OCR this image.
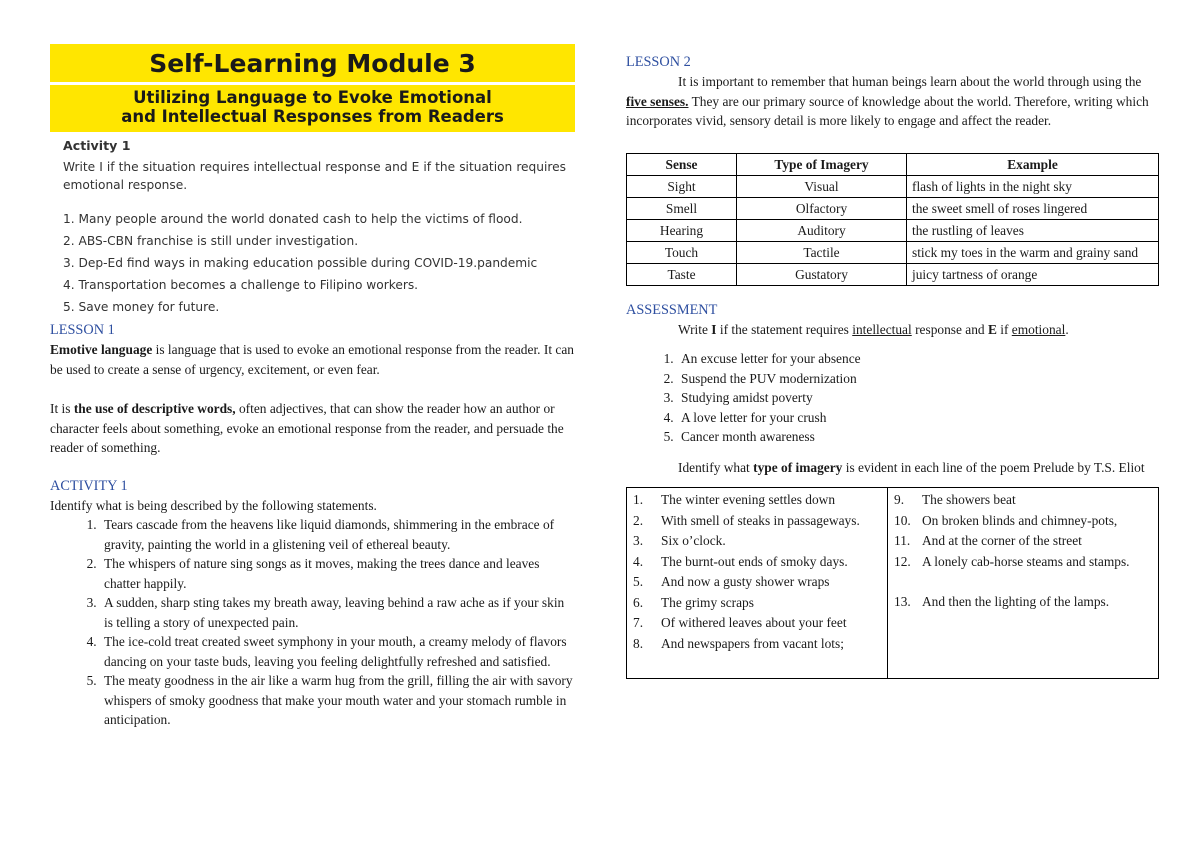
Self-Learning Module 3
Utilizing Language to Evoke Emotional
and Intellectual Responses from Readers
Activity 1
Write I if the situation requires intellectual response and E if the situation requires emotional response.
1. Many people around the world donated cash to help the victims of flood.
2. ABS-CBN franchise is still under investigation.
3. Dep-Ed find ways in making education possible during COVID-19.pandemic
4. Transportation becomes a challenge to Filipino workers.
5. Save money for future.
LESSON 1

Emotive language is language that is used to evoke an emotional response from the reader. It can be used to create a sense of urgency, excitement, or even fear.

It is the use of descriptive words, often adjectives, that can show the reader how an author or character feels about something, evoke an emotional response from the reader, and persuade the reader of something.

ACTIVITY 1

Identify what is being described by the following statements.

1. Tears cascade from the heavens like liquid diamonds, shimmering in the embrace of gravity, painting the world in a glistening veil of ethereal beauty.
2. The whispers of nature sing songs as it moves, making the trees dance and leaves chatter happily.
3. A sudden, sharp sting takes my breath away, leaving behind a raw ache as if your skin is telling a story of unexpected pain.
4. The ice-cold treat created sweet symphony in your mouth, a creamy melody of flavors dancing on your taste buds, leaving you feeling delightfully refreshed and satisfied.
5. The meaty goodness in the air like a warm hug from the grill, filling the air with savory whispers of smoky goodness that make your mouth water and your stomach rumble in anticipation.
LESSON 2

It is important to remember that human beings learn about the world through using the five senses. They are our primary source of knowledge about the world. Therefore, writing which incorporates vivid, sensory detail is more likely to engage and affect the reader.

Sense	Type of Imagery	Example
Sight	Visual	flash of lights in the night sky
Smell	Olfactory	the sweet smell of roses lingered
Hearing	Auditory	the rustling of leaves
Touch	Tactile	stick my toes in the warm and grainy sand
Taste	Gustatory	juicy tartness of orange
ASSESSMENT

Write I if the statement requires intellectual response and E if emotional.

1. An excuse letter for your absence
2. Suspend the PUV modernization
3. Studying amidst poverty
4. A love letter for your crush
5. Cancer month awareness

Identify what type of imagery is evident in each line of the poem Prelude by T.S. Eliot

1.	The winter evening settles down
2.	With smell of steaks in passageways.
3.	Six o’clock.
4.	The burnt-out ends of smoky days.
5.	And now a gusty shower wraps
6.	The grimy scraps
7.	Of withered leaves about your feet
8.	And newspapers from vacant lots;

9.	The showers beat
10. On broken blinds and chimney-pots,
11. And at the corner of the street
12. A lonely cab-horse steams and stamps.
13. And then the lighting of the lamps.
